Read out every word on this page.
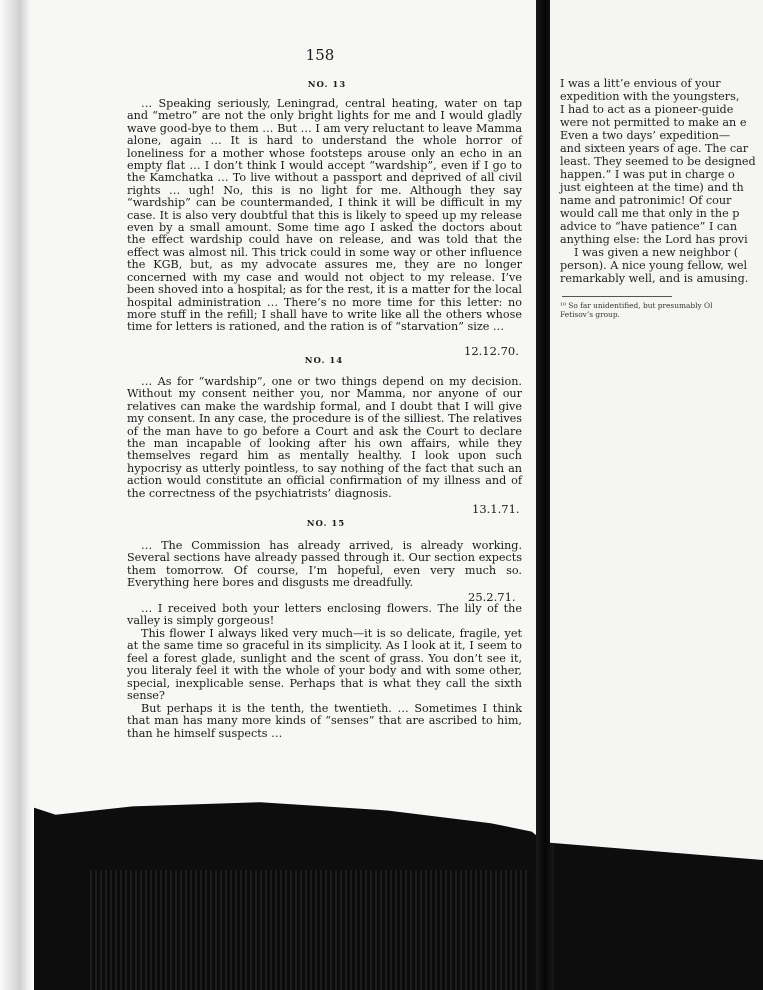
158
NO. 13

… Speaking seriously, Leningrad, central heating, water on tap and “metro” are not the only bright lights for me and I would gladly wave good-bye to them … But … I am very reluctant to leave Mamma alone, again … It is hard to understand the whole horror of loneliness for a mother whose footsteps arouse only an echo in an empty flat … I don’t think I would accept “wardship”, even if I go to the Kamchatka … To live without a passport and deprived of all civil rights … ugh! No, this is no light for me. Although they say “wardship” can be countermanded, I think it will be difficult in my case. It is also very doubtful that this is likely to speed up my release even by a small amount. Some time ago I asked the doctors about the effect wardship could have on release, and was told that the effect was almost nil. This trick could in some way or other influence the KGB, but, as my advocate assures me, they are no longer concerned with my case and would not object to my release. I’ve been shoved into a hospital; as for the rest, it is a matter for the local hospital administration … There’s no more time for this letter: no more stuff in the refill; I shall have to write like all the others whose time for letters is rationed, and the ration is of “starvation” size …

12.12.70.
NO. 14

… As for “wardship”, one or two things depend on my decision. Without my consent neither you, nor Mamma, nor anyone of our relatives can make the wardship formal, and I doubt that I will give my consent. In any case, the procedure is of the silliest. The relatives of the man have to go before a Court and ask the Court to declare the man incapable of looking after his own affairs, while they themselves regard him as mentally healthy. I look upon such hypocrisy as utterly pointless, to say nothing of the fact that such an action would constitute an official confirmation of my illness and of the correctness of the psychiatrists’ diagnosis.

13.1.71.
NO. 15

… The Commission has already arrived, is already working. Several sections have already passed through it. Our section expects them tomorrow. Of course, I’m hopeful, even very much so. Everything here bores and disgusts me dreadfully.

25.2.71.

… I received both your letters enclosing flowers. The lily of the valley is simply gorgeous!

This flower I always liked very much—it is so delicate, fragile, yet at the same time so graceful in its simplicity. As I look at it, I seem to feel a forest glade, sunlight and the scent of grass. You don’t see it, you literaly feel it with the whole of your body and with some other, special, inexplicable sense. Perhaps that is what they call the sixth sense?

But perhaps it is the tenth, the twentieth. … Sometimes I think that man has many more kinds of “senses” that are ascribed to him, than he himself suspects …

I was a litt’e envious of your

expedition with the youngsters,

I had to act as a pioneer-guide

were not permitted to make an e

Even a two days’ expedition—

and sixteen years of age. The car

least. They seemed to be designed

happen.” I was put in charge o

just eighteen at the time) and th

name and patronimic! Of cour

would call me that only in the p

advice to “have patience” I can

anything else: the Lord has provi

I was given a new neighbor (

person). A nice young fellow, wel

remarkably well, and is amusing.

¹⁰ So far unidentified, but presumably Ol

Fetisov’s group.
